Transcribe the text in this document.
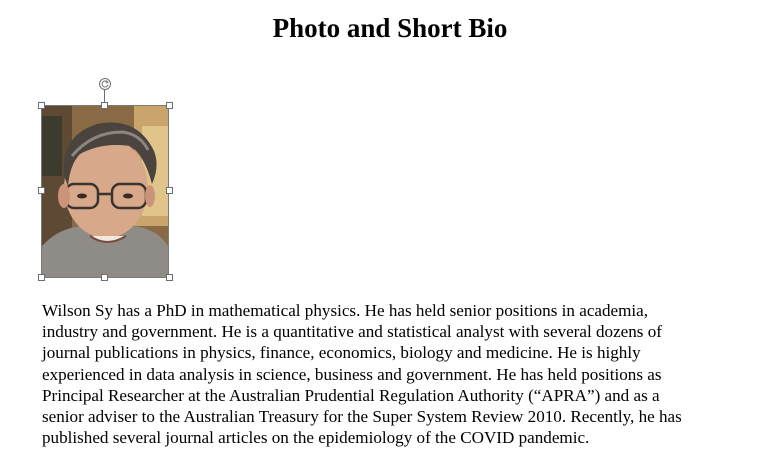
Photo and Short Bio

Wilson Sy has a PhD in mathematical physics. He has held senior positions in academia,
industry and government. He is a quantitative and statistical analyst with several dozens of
journal publications in physics, finance, economics, biology and medicine. He is highly
experienced in data analysis in science, business and government. He has held positions as
Principal Researcher at the Australian Prudential Regulation Authority (“APRA”) and as a
senior adviser to the Australian Treasury for the Super System Review 2010. Recently, he has
published several journal articles on the epidemiology of the COVID pandemic.
